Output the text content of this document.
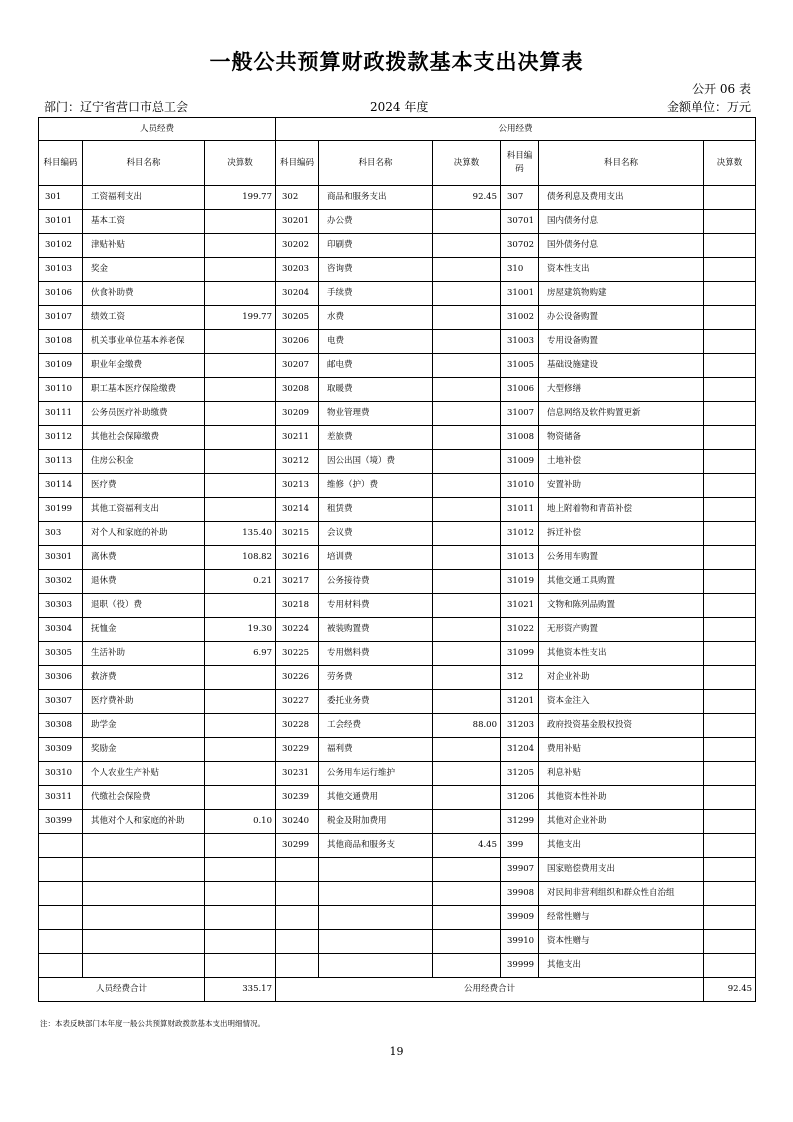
一般公共预算财政拨款基本支出决算表
公开 06 表
部门：辽宁省营口市总工会	2024 年度	金额单位：万元
人员经费			公用经费					
科目编码	科目名称	决算数	科目编码	科目名称	决算数	科目编码	科目名称	决算数
301	工资福利支出	199.77	302	商品和服务支出	92.45	307	债务利息及费用支出	
30101	基本工资		30201	办公费		30701	国内债务付息	
30102	津贴补贴		30202	印刷费		30702	国外债务付息	
30103	奖金		30203	咨询费		310	资本性支出	
30106	伙食补助费		30204	手续费		31001	房屋建筑物购建	
30107	绩效工资	199.77	30205	水费		31002	办公设备购置	
30108	机关事业单位基本养老保		30206	电费		31003	专用设备购置	
30109	职业年金缴费		30207	邮电费		31005	基础设施建设	
30110	职工基本医疗保险缴费		30208	取暖费		31006	大型修缮	
30111	公务员医疗补助缴费		30209	物业管理费		31007	信息网络及软件购置更新	
30112	其他社会保障缴费		30211	差旅费		31008	物资储备	
30113	住房公积金		30212	因公出国（境）费		31009	土地补偿	
30114	医疗费		30213	维修（护）费		31010	安置补助	
30199	其他工资福利支出		30214	租赁费		31011	地上附着物和青苗补偿	
303	对个人和家庭的补助	135.40	30215	会议费		31012	拆迁补偿	
30301	离休费	108.82	30216	培训费		31013	公务用车购置	
30302	退休费	0.21	30217	公务接待费		31019	其他交通工具购置	
30303	退职（役）费		30218	专用材料费		31021	文物和陈列品购置	
30304	抚恤金	19.30	30224	被装购置费		31022	无形资产购置	
30305	生活补助	6.97	30225	专用燃料费		31099	其他资本性支出	
30306	救济费		30226	劳务费		312	对企业补助	
30307	医疗费补助		30227	委托业务费		31201	资本金注入	
30308	助学金		30228	工会经费	88.00	31203	政府投资基金股权投资	
30309	奖励金		30229	福利费		31204	费用补贴	
30310	个人农业生产补贴		30231	公务用车运行维护		31205	利息补贴	
30311	代缴社会保险费		30239	其他交通费用		31206	其他资本性补助	
30399	其他对个人和家庭的补助	0.10	30240	税金及附加费用		31299	其他对企业补助	
			30299	其他商品和服务支	4.45	399	其他支出	
						39907	国家赔偿费用支出	
						39908	对民间非营利组织和群众性自治组	
						39909	经常性赠与	
						39910	资本性赠与	
						39999	其他支出	
人员经费合计		335.17	公用经费合计					92.45
注：本表反映部门本年度一般公共预算财政拨款基本支出明细情况。
19
